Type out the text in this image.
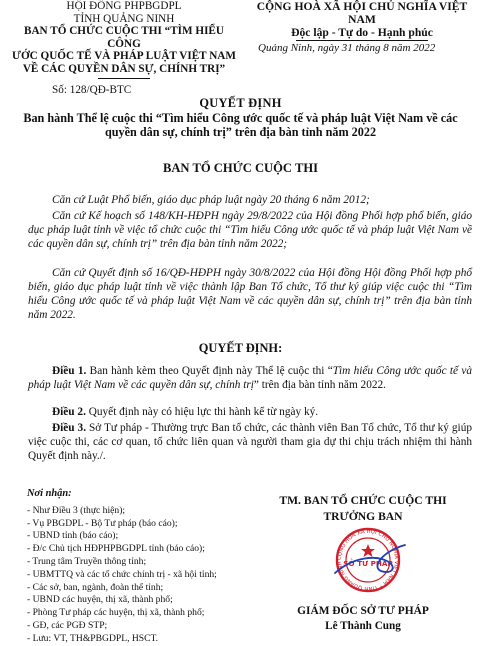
HỘI ĐỒNG PHPBGDPL
TỈNH QUẢNG NINH
BAN TỔ CHỨC CUỘC THI “TÌM HIỂU CÔNG
ƯỚC QUỐC TẾ VÀ PHÁP LUẬT VIỆT NAM
VỀ CÁC QUYỀN DÂN SỰ, CHÍNH TRỊ”
CỘNG HOÀ XÃ HỘI CHỦ NGHĨA VIỆT NAM
Độc lập - Tự do - Hạnh phúc
Số: 128/QĐ-BTC
Quảng Ninh, ngày 31 tháng 8 năm 2022
QUYẾT ĐỊNH
Ban hành Thể lệ cuộc thi “Tìm hiểu Công ước quốc tế và pháp luật Việt Nam về các quyền dân sự, chính trị” trên địa bàn tỉnh năm 2022
BAN TỔ CHỨC CUỘC THI
Căn cứ Luật Phổ biến, giáo dục pháp luật ngày 20 tháng 6 năm 2012;
Căn cứ Kế hoạch số 148/KH-HĐPH ngày 29/8/2022 của Hội đồng Phối hợp phổ biến, giáo dục pháp luật tỉnh về việc tổ chức cuộc thi “Tìm hiểu Công ước quốc tế và pháp luật Việt Nam về các quyền dân sự, chính trị” trên địa bàn tỉnh năm 2022;
Căn cứ Quyết định số 16/QĐ-HĐPH ngày 30/8/2022 của Hội đồng Hội đồng Phối hợp phổ biến, giáo dục pháp luật tỉnh về việc thành lập Ban Tổ chức, Tổ thư ký giúp việc cuộc thi “Tìm hiểu Công ước quốc tế và pháp luật Việt Nam về các quyền dân sự, chính trị” trên địa bàn tỉnh năm 2022.
QUYẾT ĐỊNH:
Điều 1. Ban hành kèm theo Quyết định này Thể lệ cuộc thi “Tìm hiểu Công ước quốc tế và pháp luật Việt Nam về các quyền dân sự, chính trị” trên địa bàn tỉnh năm 2022.
Điều 2. Quyết định này có hiệu lực thi hành kể từ ngày ký.
Điều 3. Sở Tư pháp - Thường trực Ban tổ chức, các thành viên Ban Tổ chức, Tổ thư ký giúp việc cuộc thi, các cơ quan, tổ chức liên quan và người tham gia dự thi chịu trách nhiệm thi hành Quyết định này./.
Nơi nhận:
- Như Điều 3 (thực hiện);
- Vụ PBGDPL - Bộ Tư pháp (báo cáo);
- UBND tỉnh (báo cáo);
- Đ/c Chủ tịch HĐPHPBGDPL tỉnh (báo cáo);
- Trung tâm Truyền thông tỉnh;
- UBMTTQ và các tổ chức chính trị - xã hội tỉnh;
- Các sở, ban, ngành, đoàn thể tỉnh;
- UBND các huyện, thị xã, thành phố;
- Phòng Tư pháp các huyện, thị xã, thành phố;
- GĐ, các PGĐ STP;
- Lưu: VT, TH&PBGDPL, HSCT.
TM. BAN TỔ CHỨC CUỘC THI
TRƯỞNG BAN
CỘNG HÒA XÃ HỘI CHỦ NGHĨA VIỆT NAM * TỈNH QUẢNG NINH SỞ TƯ PHÁP
GIÁM ĐỐC SỞ TƯ PHÁP
Lê Thành Cung
